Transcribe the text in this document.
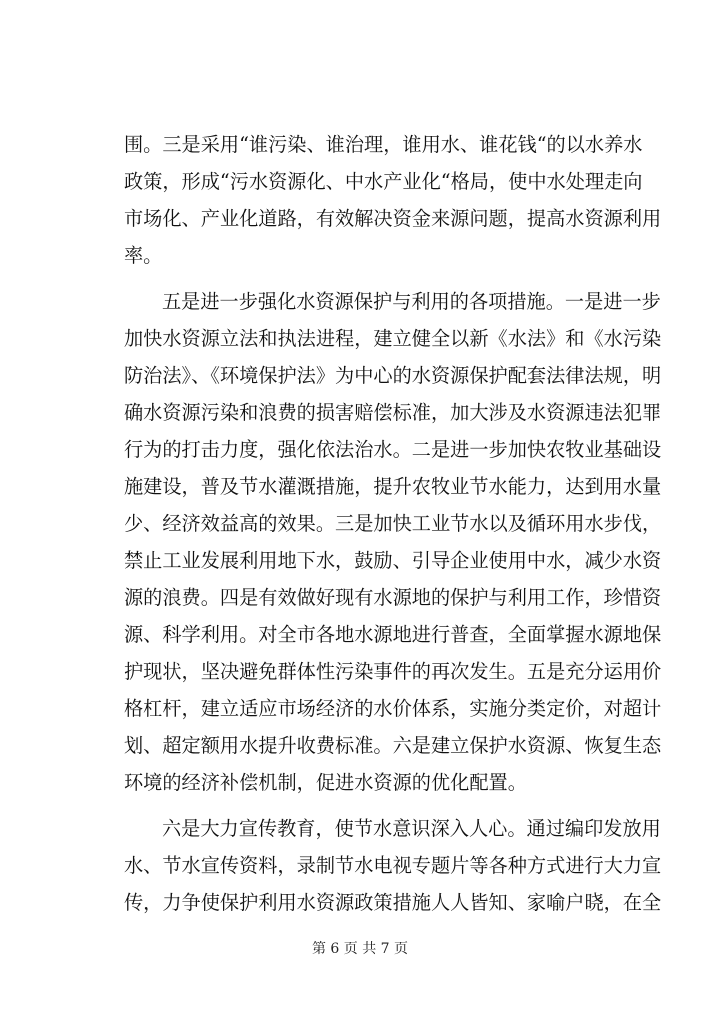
围。三是采用“谁污染、谁治理，谁用水、谁花钱“的以水养水
政策，形成“污水资源化、中水产业化“格局，使中水处理走向
市场化、产业化道路，有效解决资金来源问题，提高水资源利用
率。
五是进一步强化水资源保护与利用的各项措施。一是进一步
加快水资源立法和执法进程，建立健全以新《水法》和《水污染
防治法》、《环境保护法》为中心的水资源保护配套法律法规，明
确水资源污染和浪费的损害赔偿标准，加大涉及水资源违法犯罪
行为的打击力度，强化依法治水。二是进一步加快农牧业基础设
施建设，普及节水灌溉措施，提升农牧业节水能力，达到用水量
少、经济效益高的效果。三是加快工业节水以及循环用水步伐，
禁止工业发展利用地下水，鼓励、引导企业使用中水，减少水资
源的浪费。四是有效做好现有水源地的保护与利用工作，珍惜资
源、科学利用。对全市各地水源地进行普查，全面掌握水源地保
护现状，坚决避免群体性污染事件的再次发生。五是充分运用价
格杠杆，建立适应市场经济的水价体系，实施分类定价，对超计
划、超定额用水提升收费标准。六是建立保护水资源、恢复生态
环境的经济补偿机制，促进水资源的优化配置。
六是大力宣传教育，使节水意识深入人心。通过编印发放用
水、节水宣传资料，录制节水电视专题片等各种方式进行大力宣
传，力争使保护利用水资源政策措施人人皆知、家喻户晓，在全
第 6 页 共 7 页
